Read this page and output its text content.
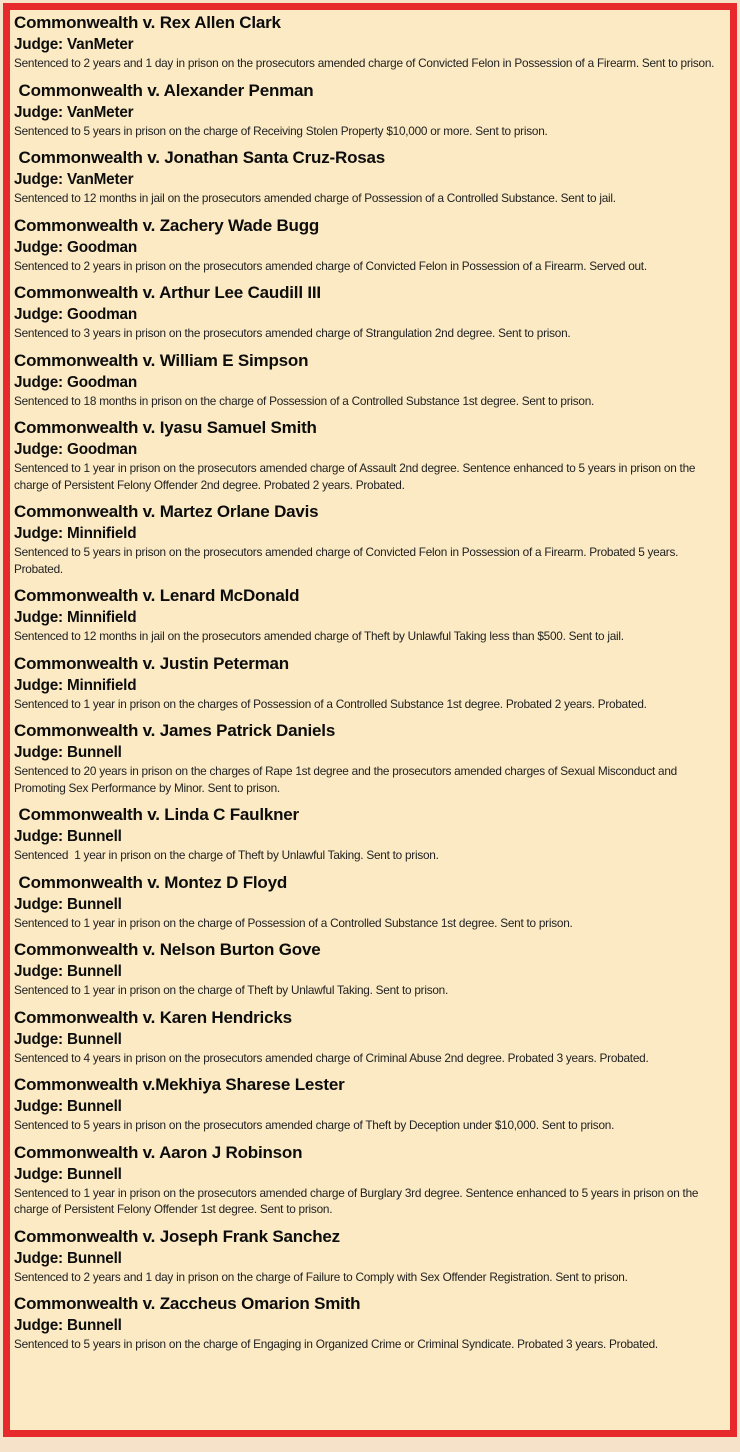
Commonwealth v. Rex Allen Clark
Judge: VanMeter

Sentenced to 2 years and 1 day in prison on the prosecutors amended charge of Convicted Felon in Possession of a Firearm. Sent to prison.

Commonwealth v. Alexander Penman
Judge: VanMeter

Sentenced to 5 years in prison on the charge of Receiving Stolen Property $10,000 or more. Sent to prison.

Commonwealth v. Jonathan Santa Cruz-Rosas
Judge: VanMeter

Sentenced to 12 months in jail on the prosecutors amended charge of Possession of a Controlled Substance. Sent to jail.

Commonwealth v. Zachery Wade Bugg
Judge: Goodman

Sentenced to 2 years in prison on the prosecutors amended charge of Convicted Felon in Possession of a Firearm. Served out.

Commonwealth v. Arthur Lee Caudill III
Judge: Goodman

Sentenced to 3 years in prison on the prosecutors amended charge of Strangulation 2nd degree. Sent to prison.

Commonwealth v. William E Simpson
Judge: Goodman

Sentenced to 18 months in prison on the charge of Possession of a Controlled Substance 1st degree. Sent to prison.

Commonwealth v. Iyasu Samuel Smith
Judge: Goodman

Sentenced to 1 year in prison on the prosecutors amended charge of Assault 2nd degree. Sentence enhanced to 5 years in prison on the charge of Persistent Felony Offender 2nd degree. Probated 2 years. Probated.

Commonwealth v. Martez Orlane Davis
Judge: Minnifield

Sentenced to 5 years in prison on the prosecutors amended charge of Convicted Felon in Possession of a Firearm. Probated 5 years. Probated.

Commonwealth v. Lenard McDonald
Judge: Minnifield

Sentenced to 12 months in jail on the prosecutors amended charge of Theft by Unlawful Taking less than $500. Sent to jail.

Commonwealth v. Justin Peterman
Judge: Minnifield

Sentenced to 1 year in prison on the charges of Possession of a Controlled Substance 1st degree. Probated 2 years. Probated.

Commonwealth v. James Patrick Daniels
Judge: Bunnell

Sentenced to 20 years in prison on the charges of Rape 1st degree and the prosecutors amended charges of Sexual Misconduct and Promoting Sex Performance by Minor. Sent to prison.

Commonwealth v. Linda C Faulkner
Judge: Bunnell

Sentenced  1 year in prison on the charge of Theft by Unlawful Taking. Sent to prison.

Commonwealth v. Montez D Floyd
Judge: Bunnell

Sentenced to 1 year in prison on the charge of Possession of a Controlled Substance 1st degree. Sent to prison.

Commonwealth v. Nelson Burton Gove
Judge: Bunnell

Sentenced to 1 year in prison on the charge of Theft by Unlawful Taking. Sent to prison.

Commonwealth v. Karen Hendricks
Judge: Bunnell

Sentenced to 4 years in prison on the prosecutors amended charge of Criminal Abuse 2nd degree. Probated 3 years. Probated.

Commonwealth v.Mekhiya Sharese Lester
Judge: Bunnell

Sentenced to 5 years in prison on the prosecutors amended charge of Theft by Deception under $10,000. Sent to prison.

Commonwealth v. Aaron J Robinson
Judge: Bunnell

Sentenced to 1 year in prison on the prosecutors amended charge of Burglary 3rd degree. Sentence enhanced to 5 years in prison on the charge of Persistent Felony Offender 1st degree. Sent to prison.

Commonwealth v. Joseph Frank Sanchez
Judge: Bunnell

Sentenced to 2 years and 1 day in prison on the charge of Failure to Comply with Sex Offender Registration. Sent to prison.

Commonwealth v. Zaccheus Omarion Smith
Judge: Bunnell

Sentenced to 5 years in prison on the charge of Engaging in Organized Crime or Criminal Syndicate. Probated 3 years. Probated.
